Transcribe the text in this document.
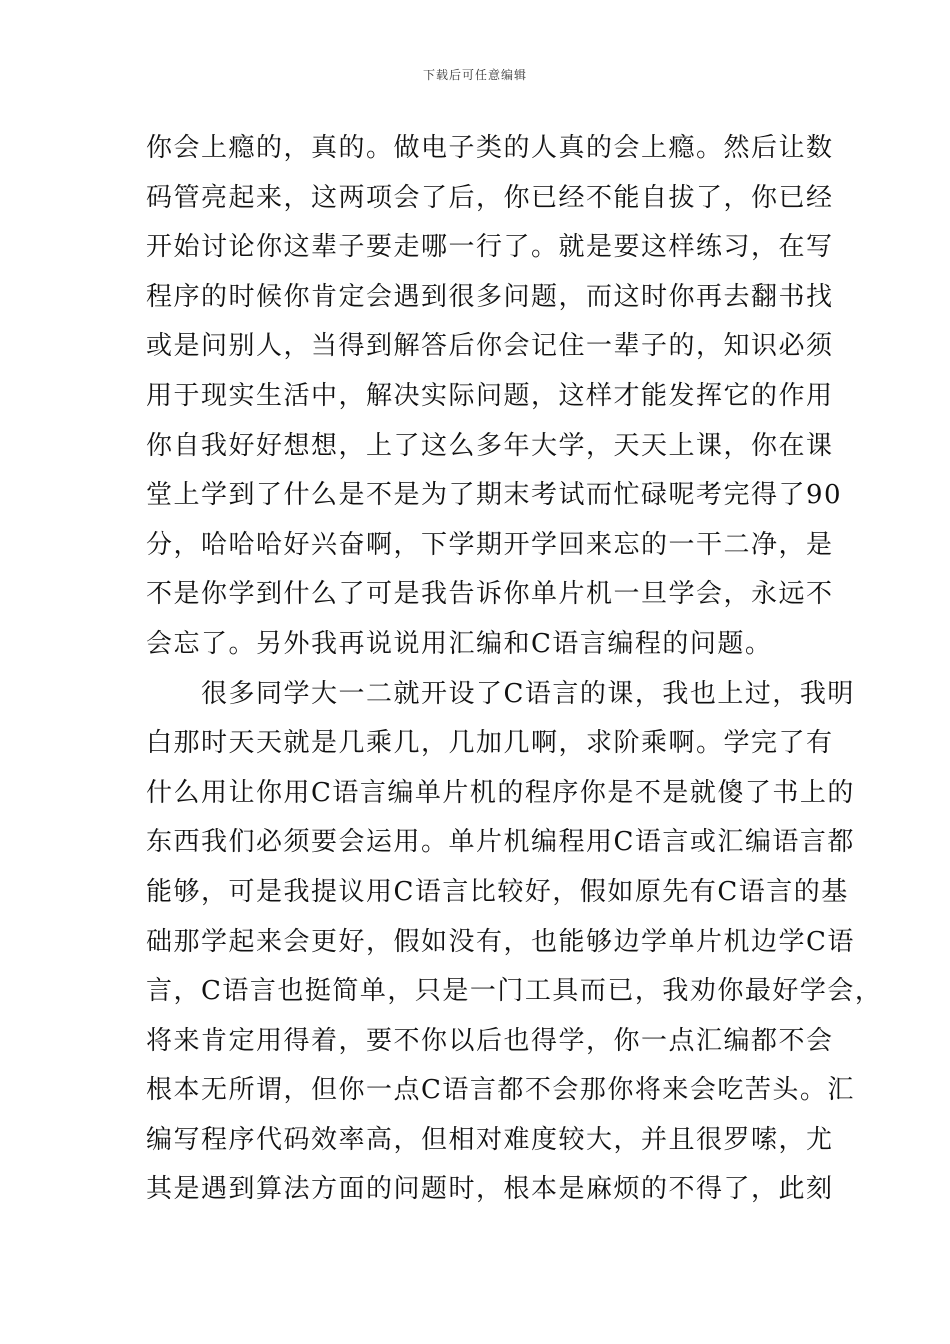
下载后可任意编辑
你会上瘾的，真的。做电子类的人真的会上瘾。然后让数
码管亮起来，这两项会了后，你已经不能自拔了，你已经
开始讨论你这辈子要走哪一行了。就是要这样练习，在写
程序的时候你肯定会遇到很多问题，而这时你再去翻书找
或是问别人，当得到解答后你会记住一辈子的，知识必须
用于现实生活中，解决实际问题，这样才能发挥它的作用
你自我好好想想，上了这么多年大学，天天上课，你在课
堂上学到了什么是不是为了期末考试而忙碌呢考完得了90
分，哈哈哈好兴奋啊，下学期开学回来忘的一干二净，是
不是你学到什么了可是我告诉你单片机一旦学会，永远不
会忘了。另外我再说说用汇编和C语言编程的问题。
　　很多同学大一二就开设了C语言的课，我也上过，我明
白那时天天就是几乘几，几加几啊，求阶乘啊。学完了有
什么用让你用C语言编单片机的程序你是不是就傻了书上的
东西我们必须要会运用。单片机编程用C语言或汇编语言都
能够，可是我提议用C语言比较好，假如原先有C语言的基
础那学起来会更好，假如没有，也能够边学单片机边学C语
言，C语言也挺简单，只是一门工具而已，我劝你最好学会，
将来肯定用得着，要不你以后也得学，你一点汇编都不会
根本无所谓，但你一点C语言都不会那你将来会吃苦头。汇
编写程序代码效率高，但相对难度较大，并且很罗嗦，尤
其是遇到算法方面的问题时，根本是麻烦的不得了，此刻
